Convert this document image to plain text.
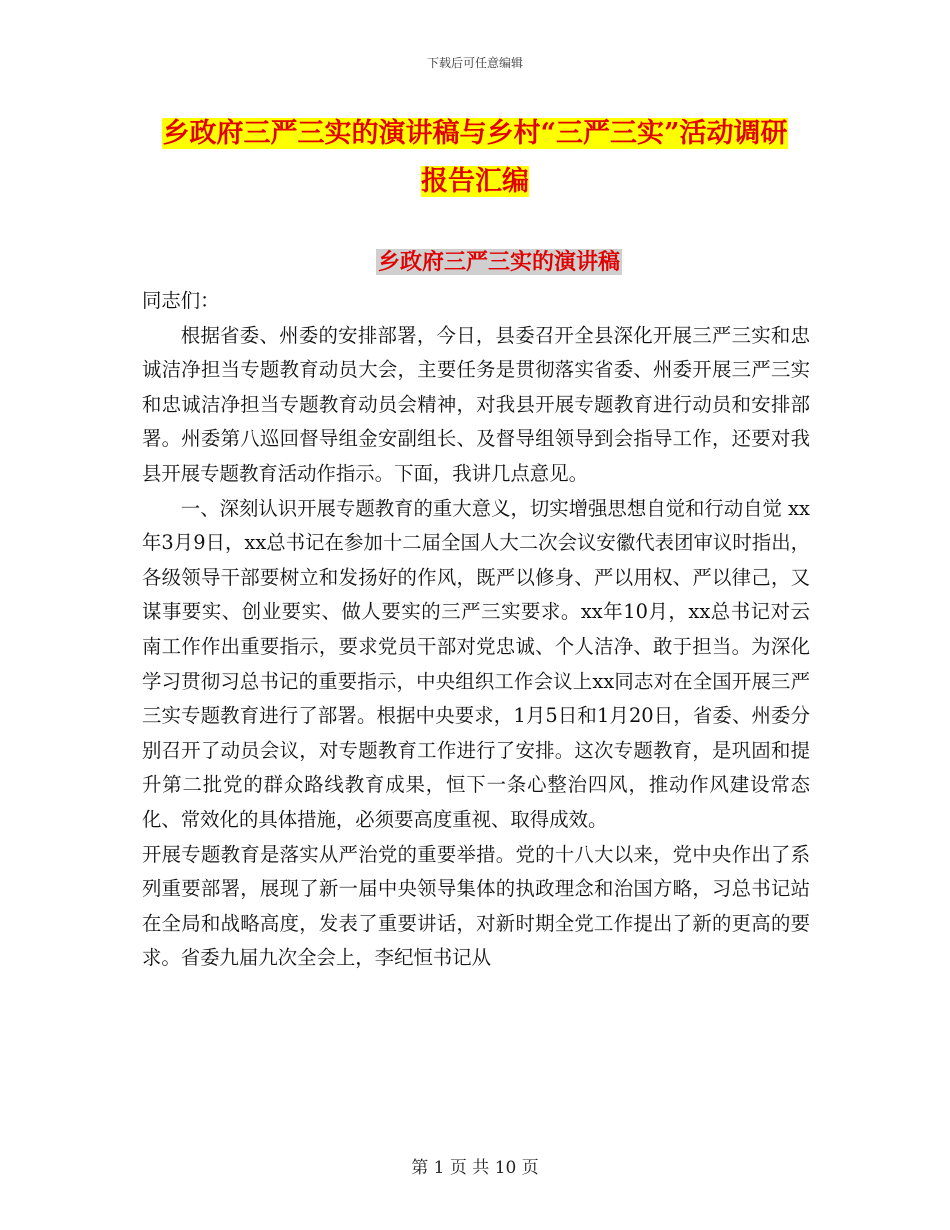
下载后可任意编辑
乡政府三严三实的演讲稿与乡村“三严三实”活动调研报告汇编
乡政府三严三实的演讲稿

同志们：

根据省委、州委的安排部署，今日，县委召开全县深化开展三严三实和忠诚洁净担当专题教育动员大会，主要任务是贯彻落实省委、州委开展三严三实和忠诚洁净担当专题教育动员会精神，对我县开展专题教育进行动员和安排部署。州委第八巡回督导组金安副组长、及督导组领导到会指导工作，还要对我县开展专题教育活动作指示。下面，我讲几点意见。

一、深刻认识开展专题教育的重大意义，切实增强思想自觉和行动自觉 xx年3月9日，xx总书记在参加十二届全国人大二次会议安徽代表团审议时指出，各级领导干部要树立和发扬好的作风，既严以修身、严以用权、严以律己，又谋事要实、创业要实、做人要实的三严三实要求。xx年10月，xx总书记对云南工作作出重要指示，要求党员干部对党忠诚、个人洁净、敢于担当。为深化学习贯彻习总书记的重要指示，中央组织工作会议上xx同志对在全国开展三严三实专题教育进行了部署。根据中央要求，1月5日和1月20日，省委、州委分别召开了动员会议，对专题教育工作进行了安排。这次专题教育，是巩固和提升第二批党的群众路线教育成果，恒下一条心整治四风，推动作风建设常态化、常效化的具体措施，必须要高度重视、取得成效。

开展专题教育是落实从严治党的重要举措。党的十八大以来，党中央作出了系列重要部署，展现了新一届中央领导集体的执政理念和治国方略，习总书记站在全局和战略高度，发表了重要讲话，对新时期全党工作提出了新的更高的要求。省委九届九次全会上，李纪恒书记从

第 1 页 共 10 页
